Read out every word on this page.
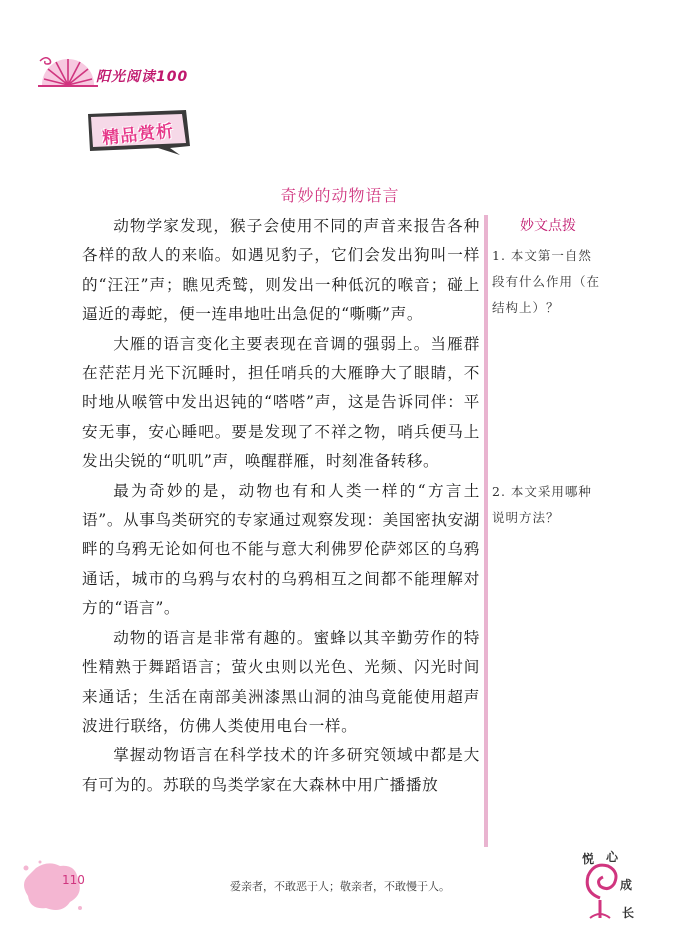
阳光阅读100
精品赏析
奇妙的动物语言

动物学家发现，猴子会使用不同的声音来报告各种各样的敌人的来临。如遇见豹子，它们会发出狗叫一样的“汪汪”声；瞧见秃鹫，则发出一种低沉的喉音；碰上逼近的毒蛇，便一连串地吐出急促的“嘶嘶”声。

大雁的语言变化主要表现在音调的强弱上。当雁群在茫茫月光下沉睡时，担任哨兵的大雁睁大了眼睛，不时地从喉管中发出迟钝的“嗒嗒”声，这是告诉同伴：平安无事，安心睡吧。要是发现了不祥之物，哨兵便马上发出尖锐的“叽叽”声，唤醒群雁，时刻准备转移。

最为奇妙的是，动物也有和人类一样的“方言土语”。从事鸟类研究的专家通过观察发现：美国密执安湖畔的乌鸦无论如何也不能与意大利佛罗伦萨郊区的乌鸦通话，城市的乌鸦与农村的乌鸦相互之间都不能理解对方的“语言”。

动物的语言是非常有趣的。蜜蜂以其辛勤劳作的特性精熟于舞蹈语言；萤火虫则以光色、光频、闪光时间来通话；生活在南部美洲漆黑山洞的油鸟竟能使用超声波进行联络，仿佛人类使用电台一样。

掌握动物语言在科学技术的许多研究领域中都是大有可为的。苏联的鸟类学家在大森林中用广播播放

妙文点拨
1. 本文第一自然段有什么作用（在结构上）？
2. 本文采用哪种说明方法？
110	爱亲者，不敢恶于人；敬亲者，不敢慢于人。
悦 心
成
长
